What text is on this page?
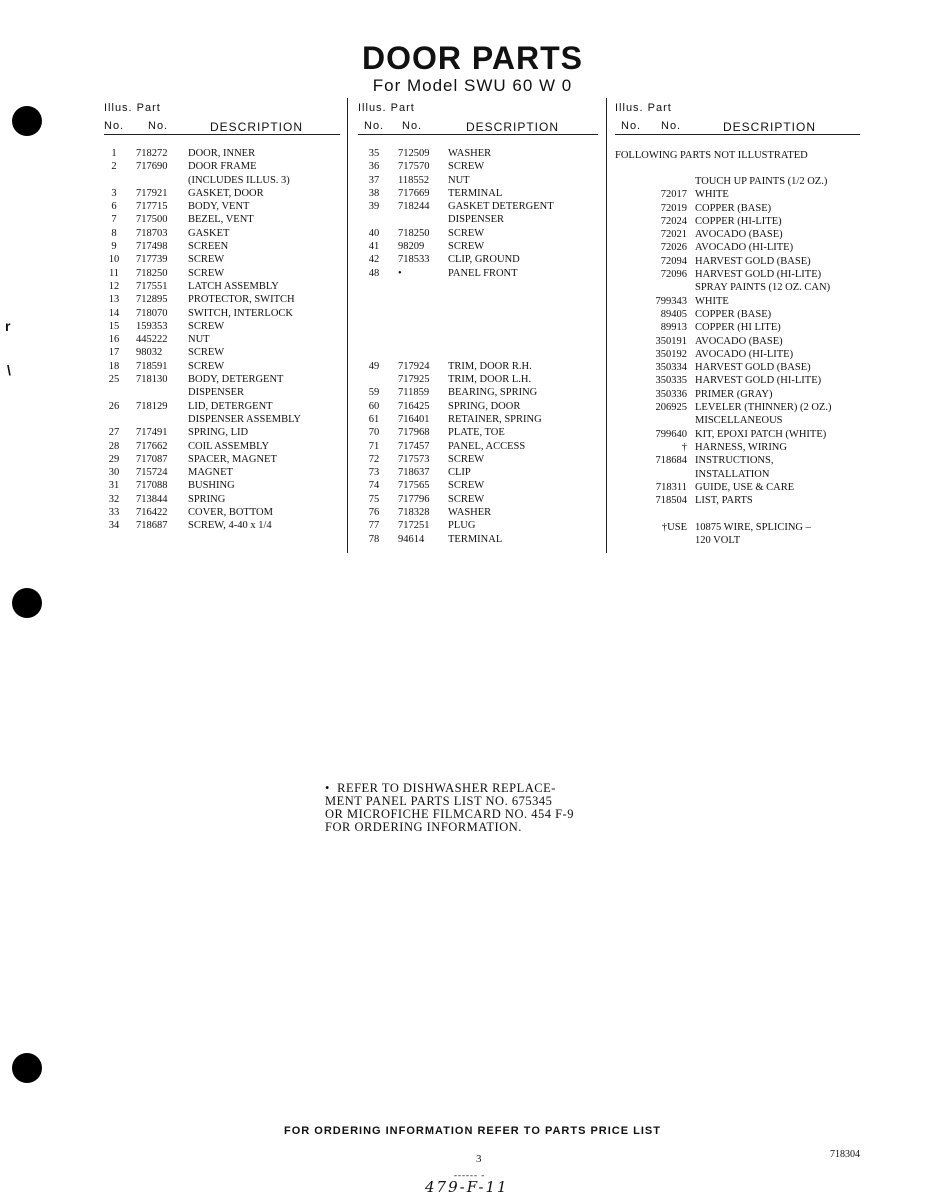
r
\
DOOR PARTS
For Model SWU 60 W 0
Illus. Part
No. No.	DESCRIPTION
1	718272 DOOR, INNER
2	717690 DOOR FRAME
(INCLUDES ILLUS. 3)
3	717921 GASKET, DOOR
6	717715 BODY, VENT
7	717500 BEZEL, VENT
8	718703 GASKET
9	717498 SCREEN
10	717739 SCREW
11	718250 SCREW
12	717551 LATCH ASSEMBLY
13	712895 PROTECTOR, SWITCH
14	718070 SWITCH, INTERLOCK
15	159353 SCREW
16	445222 NUT
17	98032 SCREW
18	718591 SCREW
25	718130 BODY, DETERGENT
DISPENSER
26	718129 LID, DETERGENT
DISPENSER ASSEMBLY
27	717491 SPRING, LID
28	717662 COIL ASSEMBLY
29	717087 SPACER, MAGNET
30	715724 MAGNET
31	717088 BUSHING
32	713844 SPRING
33	716422 COVER, BOTTOM
34	718687 SCREW, 4-40 x 1/4
Illus. Part
No. No.	DESCRIPTION
35	712509 WASHER
36	717570 SCREW
37	118552 NUT
38	717669 TERMINAL
39	718244 GASKET DETERGENT
DISPENSER
40	718250 SCREW
41	98209 SCREW
42	718533 CLIP, GROUND
48	•	PANEL FRONT
49	717924 TRIM, DOOR R.H.
717925 TRIM, DOOR L.H.
59	711859 BEARING, SPRING
60	716425 SPRING, DOOR
61	716401 RETAINER, SPRING
70	717968 PLATE, TOE
71	717457 PANEL, ACCESS
72	717573 SCREW
73	718637 CLIP
74	717565 SCREW
75	717796 SCREW
76	718328 WASHER
77	717251 PLUG
78	94614 TERMINAL
Illus. Part
No. No.	DESCRIPTION
FOLLOWING PARTS NOT ILLUSTRATED
TOUCH UP PAINTS (1/2 OZ.)
72017 WHITE
72019 COPPER (BASE)
72024 COPPER (HI-LITE)
72021 AVOCADO (BASE)
72026 AVOCADO (HI-LITE)
72094 HARVEST GOLD (BASE)
72096 HARVEST GOLD (HI-LITE)
SPRAY PAINTS (12 OZ. CAN)
799343 WHITE
89405 COPPER (BASE)
89913 COPPER (HI LITE)
350191 AVOCADO (BASE)
350192 AVOCADO (HI-LITE)
350334 HARVEST GOLD (BASE)
350335 HARVEST GOLD (HI-LITE)
350336 PRIMER (GRAY)
206925 LEVELER (THINNER) (2 OZ.)
MISCELLANEOUS
799640 KIT, EPOXI PATCH (WHITE)
† HARNESS, WIRING
718684 INSTRUCTIONS,
INSTALLATION
718311 GUIDE, USE & CARE
718504 LIST, PARTS
†USE 10875 WIRE, SPLICING –
120 VOLT
•  REFER TO DISHWASHER REPLACE-
MENT PANEL PARTS LIST NO. 675345
OR MICROFICHE FILMCARD NO. 454 F-9
FOR ORDERING INFORMATION.
FOR ORDERING INFORMATION REFER TO PARTS PRICE LIST
3
------ -
718304
479-F-11
